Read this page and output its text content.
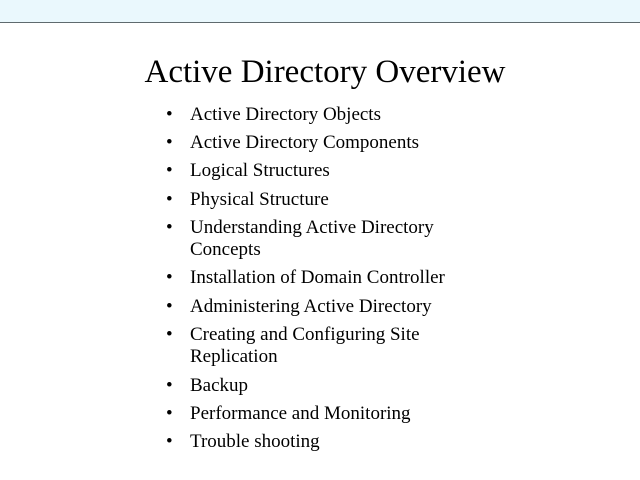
Active Directory Overview
• Active Directory Objects
• Active Directory Components
• Logical Structures
• Physical Structure
• Understanding Active Directory Concepts
• Installation of Domain Controller
• Administering Active Directory
• Creating and Configuring Site Replication
• Backup
• Performance and Monitoring
• Trouble shooting
